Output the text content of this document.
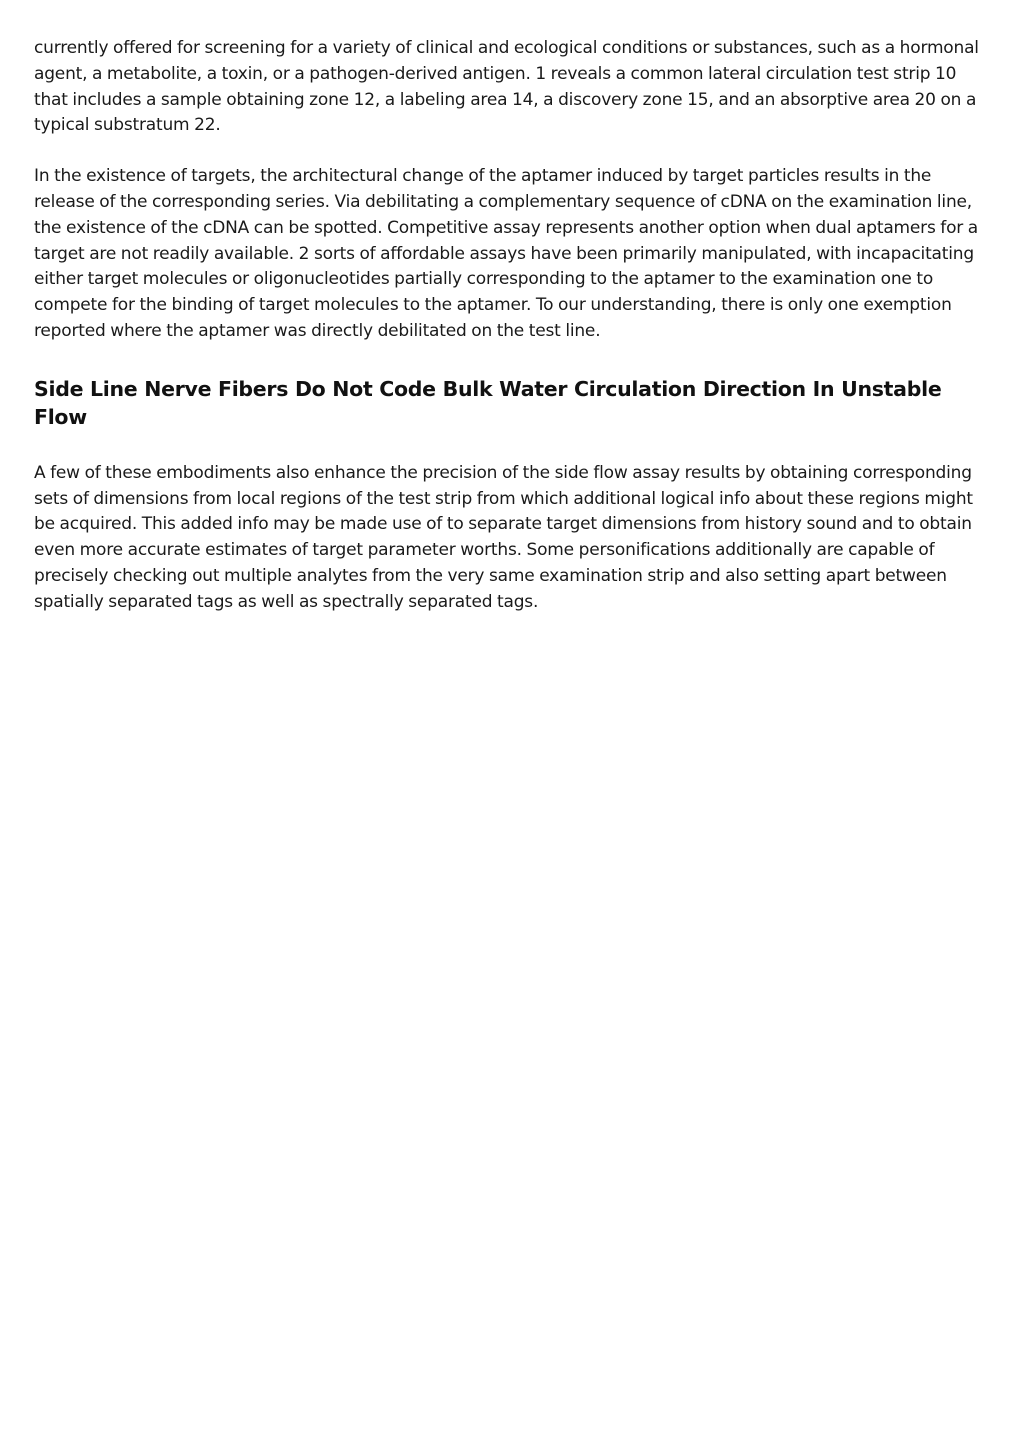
currently offered for screening for a variety of clinical and ecological conditions or substances, such as a hormonal agent, a metabolite, a toxin, or a pathogen-derived antigen. 1 reveals a common lateral circulation test strip 10 that includes a sample obtaining zone 12, a labeling area 14, a discovery zone 15, and an absorptive area 20 on a typical substratum 22.

In the existence of targets, the architectural change of the aptamer induced by target particles results in the release of the corresponding series. Via debilitating a complementary sequence of cDNA on the examination line, the existence of the cDNA can be spotted. Competitive assay represents another option when dual aptamers for a target are not readily available. 2 sorts of affordable assays have been primarily manipulated, with incapacitating either target molecules or oligonucleotides partially corresponding to the aptamer to the examination one to compete for the binding of target molecules to the aptamer. To our understanding, there is only one exemption reported where the aptamer was directly debilitated on the test line.

Side Line Nerve Fibers Do Not Code Bulk Water Circulation Direction In Unstable Flow

A few of these embodiments also enhance the precision of the side flow assay results by obtaining corresponding sets of dimensions from local regions of the test strip from which additional logical info about these regions might be acquired. This added info may be made use of to separate target dimensions from history sound and to obtain even more accurate estimates of target parameter worths. Some personifications additionally are capable of precisely checking out multiple analytes from the very same examination strip and also setting apart between spatially separated tags as well as spectrally separated tags.
